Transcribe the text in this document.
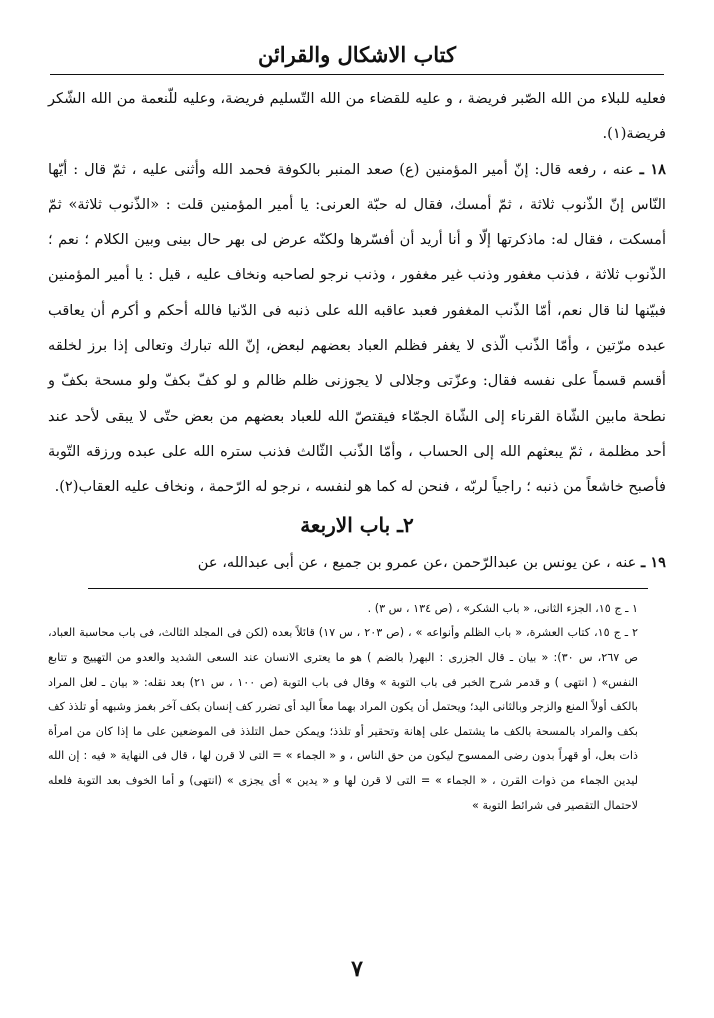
كتاب الاشكال والقرائن

فعليه للبلاء من الله الصّبر فريضة ، و عليه للقضاء من الله التّسليم فريضة، وعليه للّنعمة من الله الشّكر فريضة(١).

١٨ ـ عنه ، رفعه قال: إنّ أمير المؤمنين (ع) صعد المنبر بالكوفة فحمد الله وأثنى عليه ، ثمّ قال : أيّها النّاس إنّ الذّنوب ثلاثة ، ثمّ أمسك، فقال له حبّة العرنى: يا أمير المؤمنين قلت : «الذّنوب ثلاثة» ثمّ أمسكت ، فقال له: ماذكرتها إلّا و أنا أريد أن أفسّرها ولكنّه عرض لى بهر حال بينى وبين الكلام ؛ نعم ؛ الذّنوب ثلاثة ، فذنب مغفور وذنب غير مغفور ، وذنب نرجو لصاحبه ونخاف عليه ، قيل : يا أمير المؤمنين فبيّنها لنا قال نعم، أمّا الذّنب المغفور فعبد عاقبه الله على ذنبه فى الدّنيا فالله أحكم و أكرم أن يعاقب عبده مرّتين ، وأمّا الذّنب الّذى لا يغفر فظلم العباد بعضهم لبعض، إنّ الله تبارك وتعالى إذا برز لخلقه أقسم قسماً على نفسه فقال: وعزّتى وجلالى لا يجوزنى ظلم ظالم و لو كفّ بكفّ ولو مسحة بكفّ و نطحة مابين الشّاة القرناء إلى الشّاة الجمّاء فيقتصّ الله للعباد بعضهم من بعض حتّى لا يبقى لأحد عند أحد مظلمة ، ثمّ يبعثهم الله إلى الحساب ، وأمّا الذّنب الثّالث فذنب ستره الله على عبده ورزقه التّوبة فأصبح خاشعاً من ذنبه ؛ راجياً لربّه ، فنحن له كما هو لنفسه ، نرجو له الرّحمة ، ونخاف عليه العقاب(٢).

٢ـ باب الاربعة

١٩ ـ عنه ، عن يونس بن عبدالرّحمن ،عن عمرو بن جميع ، عن أبى عبدالله، عن

١ ـ ج ١٥، الجزء الثانى، « باب الشكر» ، (ص ١٣٤ ، س ٣) .

٢ ـ ج ١٥، كتاب العشرة، « باب الظلم وأنواعه » ، (ص ٢٠٣ ، س ١٧) قائلاً بعده (لكن فى المجلد الثالث، فى باب محاسبة العباد، ص ٢٦٧، س ٣٠): « بيان ـ قال الجزرى : البهر( بالضم ) هو ما يعترى الانسان عند السعى الشديد والعدو من التهييج و تتابع النفس» ( انتهى ) و قدمر شرح الخبر فى باب التوبة » وقال فى باب التوبة (ص ١٠٠ ، س ٢١) بعد نقله: « بيان ـ لعل المراد بالكف أولاً المنع والزجر وبالثانى اليد؛ ويحتمل أن يكون المراد بهما معاً اليد أى تضرر كف إنسان بكف آخر بغمز وشبهه أو تلذذ كف بكف والمراد بالمسحة بالكف ما يشتمل على إهانة وتحقير أو تلذذ؛ ويمكن حمل التلذذ فى الموضعين على ما إذا كان من امرأة ذات بعل، أو قهراً بدون رضى الممسوح ليكون من حق الناس ، و « الجماء » = التى لا قرن لها ، قال فى النهاية « فيه : إن الله ليدين الجماء من ذوات القرن ، « الجماء » = التى لا قرن لها و « يدين » أى يجزى » (انتهى) و أما الخوف بعد التوبة فلعله لاحتمال التقصير فى شرائط التوبة »

٧
